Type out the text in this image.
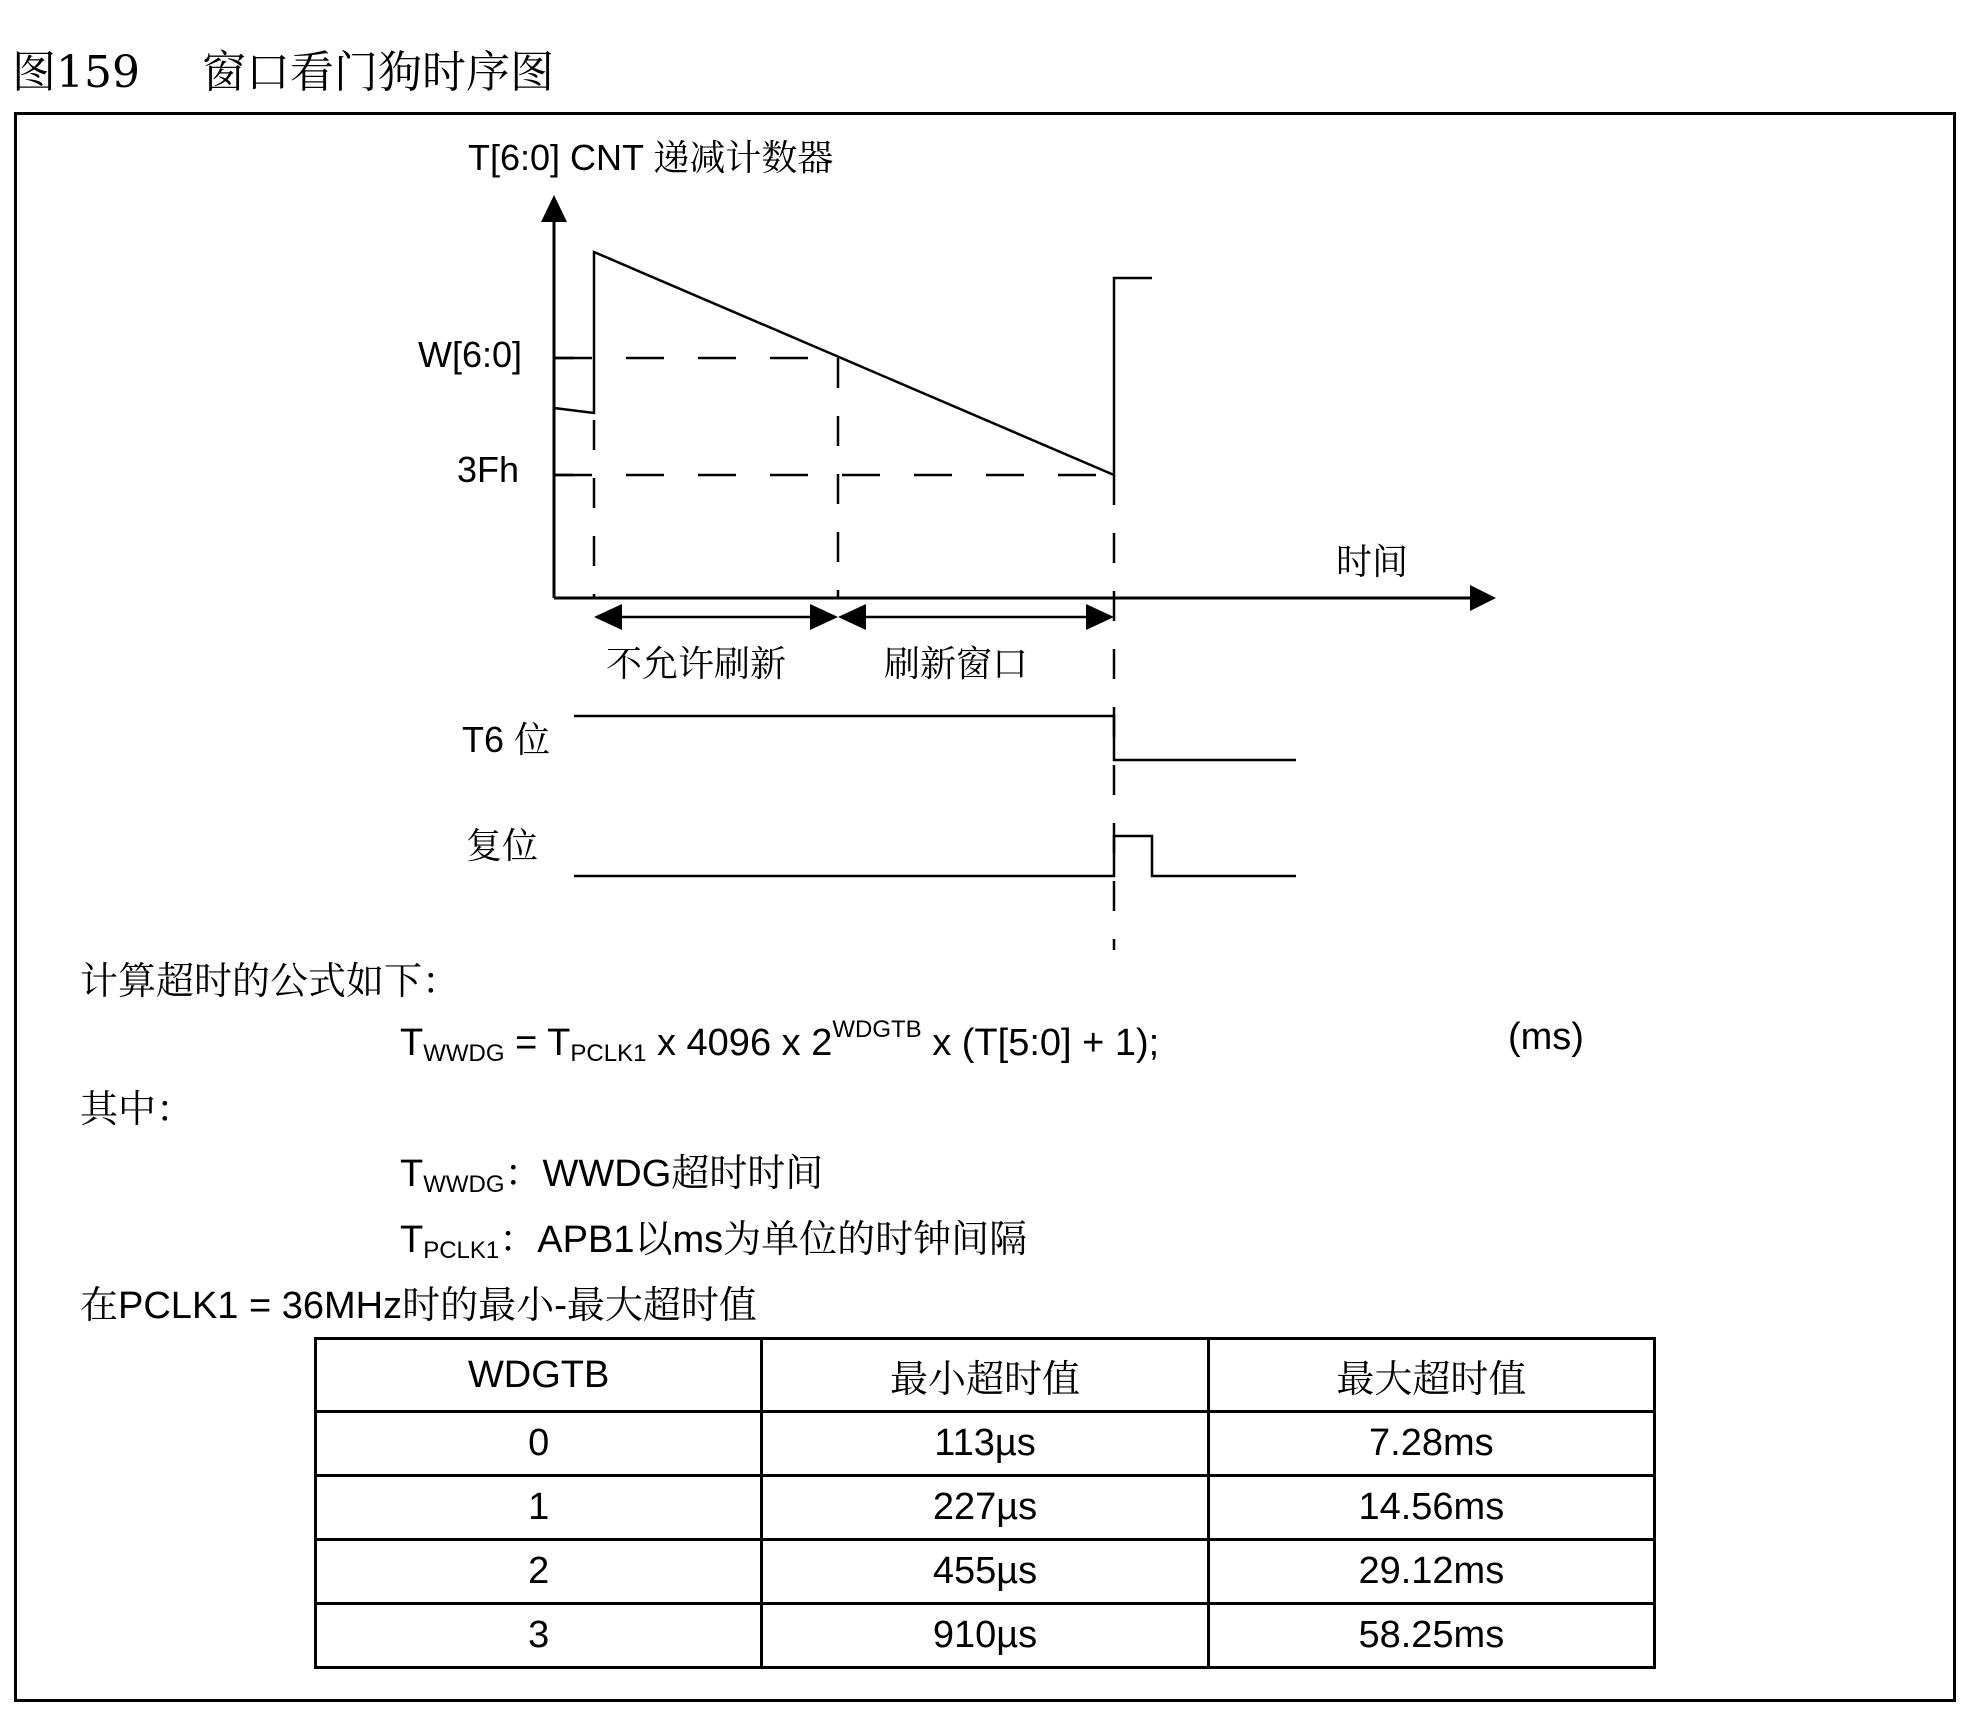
图159 窗口看门狗时序图
T[6:0] CNT 递减计数器
W[6:0]
3Fh
时间
不允许刷新	刷新窗口
T6 位
复位
计算超时的公式如下：
$T_{WWDG} = T_{PCLK1}$ x 4096 x $2^{WDGTB}$ x (T[5:0] + 1);	(ms)
其中：
$T_{WWDG}$：WWDG超时时间
$T_{PCLK1}$：APB1以ms为单位的时钟间隔
在PCLK1 = 36MHz时的最小-最大超时值
WDGTB	最小超时值	最大超时值
0	113µs	7.28ms
1	227µs	14.56ms
2	455µs	29.12ms
3	910µs	58.25ms
